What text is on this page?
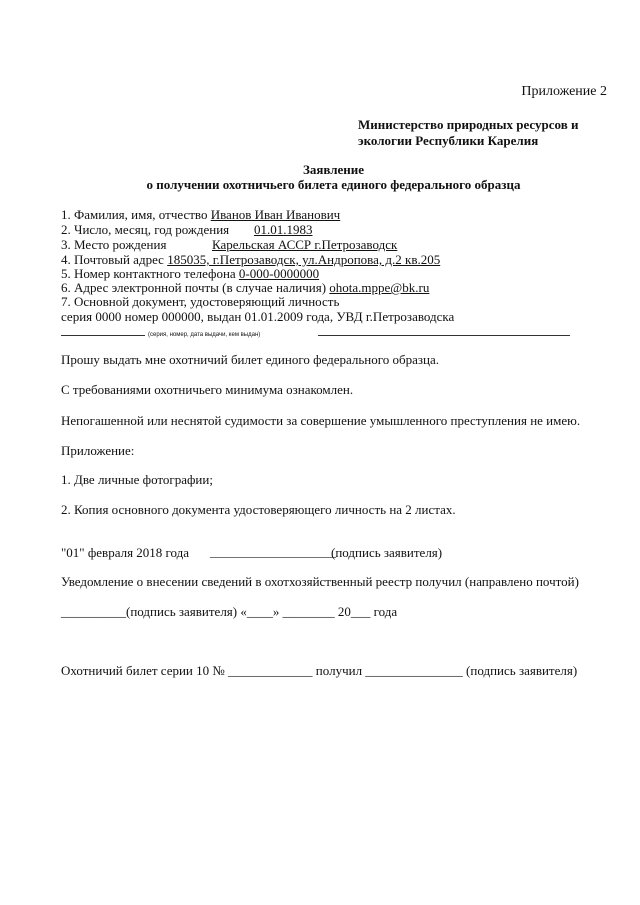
Приложение 2
Министерство природных ресурсов и
экологии Республики Карелия
Заявление
о получении охотничьего билета единого федерального образца
1. Фамилия, имя, отчество Иванов Иван Иванович
2. Число, месяц, год рождения 01.01.1983
3. Место рождения	Карельская АССР г.Петрозаводск
4. Почтовый адрес 185035, г.Петрозаводск, ул.Андропова, д.2 кв.205
5. Номер контактного телефона 0-000-0000000
6. Адрес электронной почты (в случае наличия) ohota.mppe@bk.ru
7. Основной документ, удостоверяющий личность
серия 0000 номер 000000, выдан 01.01.2009 года, УВД г.Петрозаводска
(серия, номер, дата выдачи, кем выдан)
Прошу выдать мне охотничий билет единого федерального образца.
С требованиями охотничьего минимума ознакомлен.
Непогашенной или неснятой судимости за совершение умышленного преступления не имею.
Приложение:
1. Две личные фотографии;
2. Копия основного документа удостоверяющего личность на 2 листах.
"01" февраля 2018 года _____________________
(подпись заявителя)
Уведомление о внесении сведений в охотхозяйственный реестр получил (направлено почтой)
__________(подпись заявителя) «____» ________ 20___ года
Охотничий билет серии 10 № _____________ получил _______________ (подпись заявителя)
